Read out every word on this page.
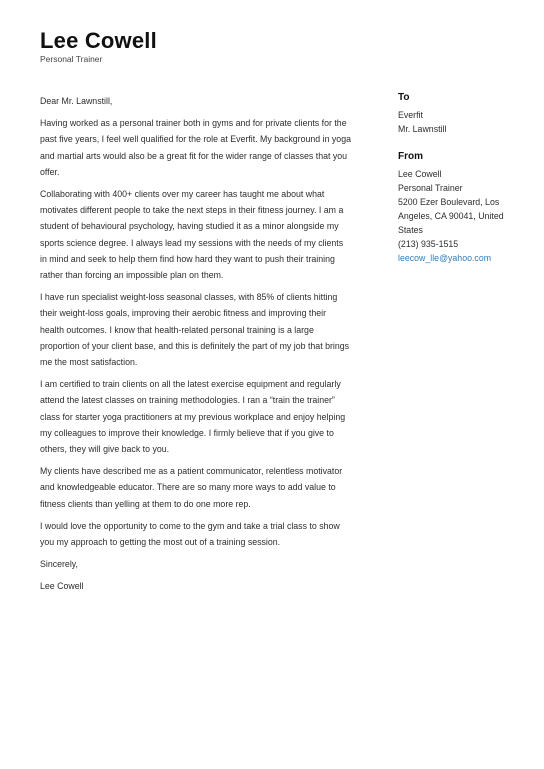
Lee Cowell
Personal Trainer

Dear Mr. Lawnstill,

Having worked as a personal trainer both in gyms and for private clients for the past five years, I feel well qualified for the role at Everfit. My background in yoga and martial arts would also be a great fit for the wider range of classes that you offer.

Collaborating with 400+ clients over my career has taught me about what motivates different people to take the next steps in their fitness journey. I am a student of behavioural psychology, having studied it as a minor alongside my sports science degree. I always lead my sessions with the needs of my clients in mind and seek to help them find how hard they want to push their training rather than forcing an impossible plan on them.

I have run specialist weight-loss seasonal classes, with 85% of clients hitting their weight-loss goals, improving their aerobic fitness and improving their health outcomes. I know that health-related personal training is a large proportion of your client base, and this is definitely the part of my job that brings me the most satisfaction.

I am certified to train clients on all the latest exercise equipment and regularly attend the latest classes on training methodologies. I ran a “train the trainer” class for starter yoga practitioners at my previous workplace and enjoy helping my colleagues to improve their knowledge. I firmly believe that if you give to others, they will give back to you.

My clients have described me as a patient communicator, relentless motivator and knowledgeable educator. There are so many more ways to add value to fitness clients than yelling at them to do one more rep.

I would love the opportunity to come to the gym and take a trial class to show you my approach to getting the most out of a training session.

Sincerely,

Lee Cowell

To
Everfit
Mr. Lawnstill
From
Lee Cowell
Personal Trainer
5200 Ezer Boulevard, Los Angeles, CA 90041, United States
(213) 935-1515
leecow_lle@yahoo.com
